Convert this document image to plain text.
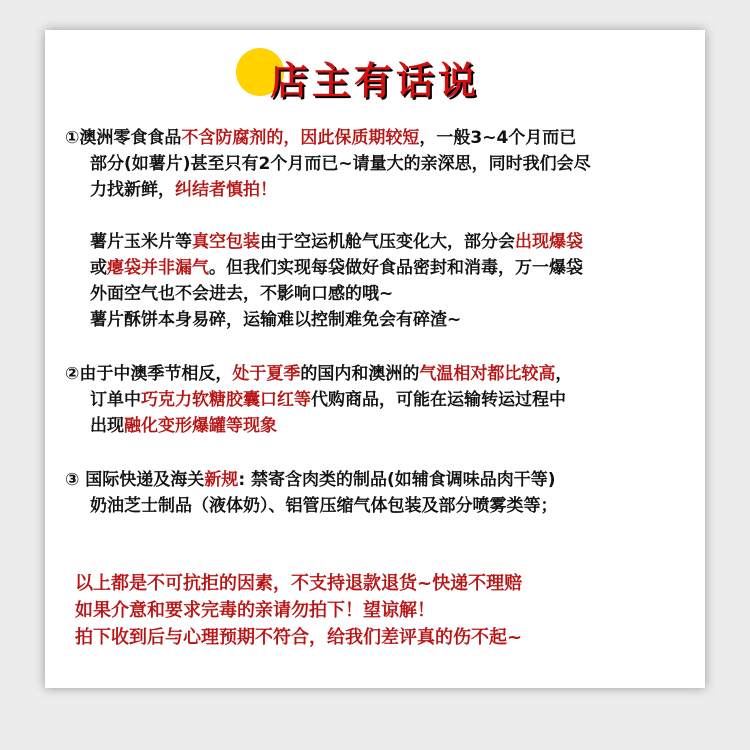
店主有话说

①澳洲零食食品不含防腐剂的，因此保质期较短，一般3~4个月而已
部分(如薯片)甚至只有2个月而已~请量大的亲深思，同时我们会尽
力找新鲜，纠结者慎拍！

薯片玉米片等真空包装由于空运机舱气压变化大，部分会出现爆袋
或瘪袋并非漏气。但我们实现每袋做好食品密封和消毒，万一爆袋
外面空气也不会进去，不影响口感的哦~
薯片酥饼本身易碎，运输难以控制难免会有碎渣~

②由于中澳季节相反，处于夏季的国内和澳洲的气温相对都比较高，
订单中巧克力软糖胶囊口红等代购商品，可能在运输转运过程中
出现融化变形爆罐等现象

③ 国际快递及海关新规: 禁寄含肉类的制品(如辅食调味品肉干等)
奶油芝士制品（液体奶）、铝管压缩气体包装及部分喷雾类等；

以上都是不可抗拒的因素，不支持退款退货~快递不理赔
如果介意和要求完毒的亲请勿拍下！望谅解！
拍下收到后与心理预期不符合，给我们差评真的伤不起~
